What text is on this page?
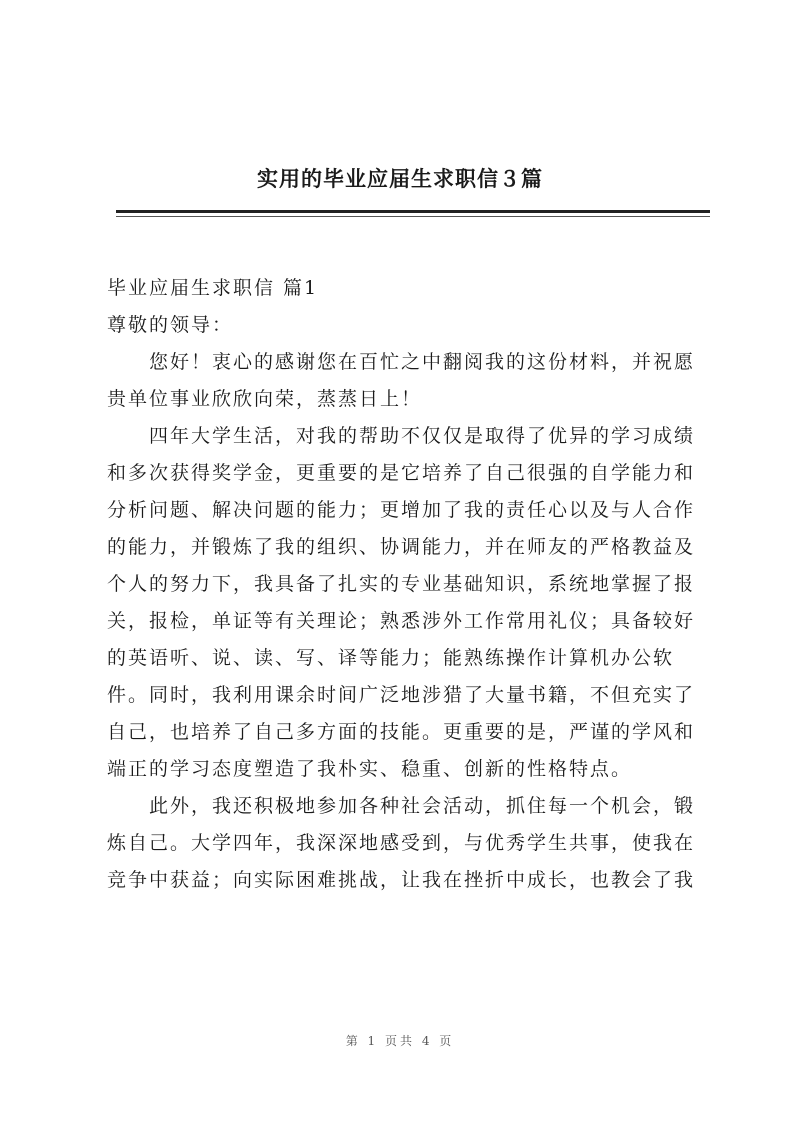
实用的毕业应届生求职信３篇
毕业应届生求职信 篇1
尊敬的领导：
您好！衷心的感谢您在百忙之中翻阅我的这份材料，并祝愿
贵单位事业欣欣向荣，蒸蒸日上！
四年大学生活，对我的帮助不仅仅是取得了优异的学习成绩
和多次获得奖学金，更重要的是它培养了自己很强的自学能力和
分析问题、解决问题的能力；更增加了我的责任心以及与人合作
的能力，并锻炼了我的组织、协调能力，并在师友的严格教益及
个人的努力下，我具备了扎实的专业基础知识，系统地掌握了报
关，报检，单证等有关理论；熟悉涉外工作常用礼仪；具备较好
的英语听、说、读、写、译等能力；能熟练操作计算机办公软
件。同时，我利用课余时间广泛地涉猎了大量书籍，不但充实了
自己，也培养了自己多方面的技能。更重要的是，严谨的学风和
端正的学习态度塑造了我朴实、稳重、创新的性格特点。
此外，我还积极地参加各种社会活动，抓住每一个机会，锻
炼自己。大学四年，我深深地感受到，与优秀学生共事，使我在
竞争中获益；向实际困难挑战，让我在挫折中成长，也教会了我
第 1 页共 4 页
